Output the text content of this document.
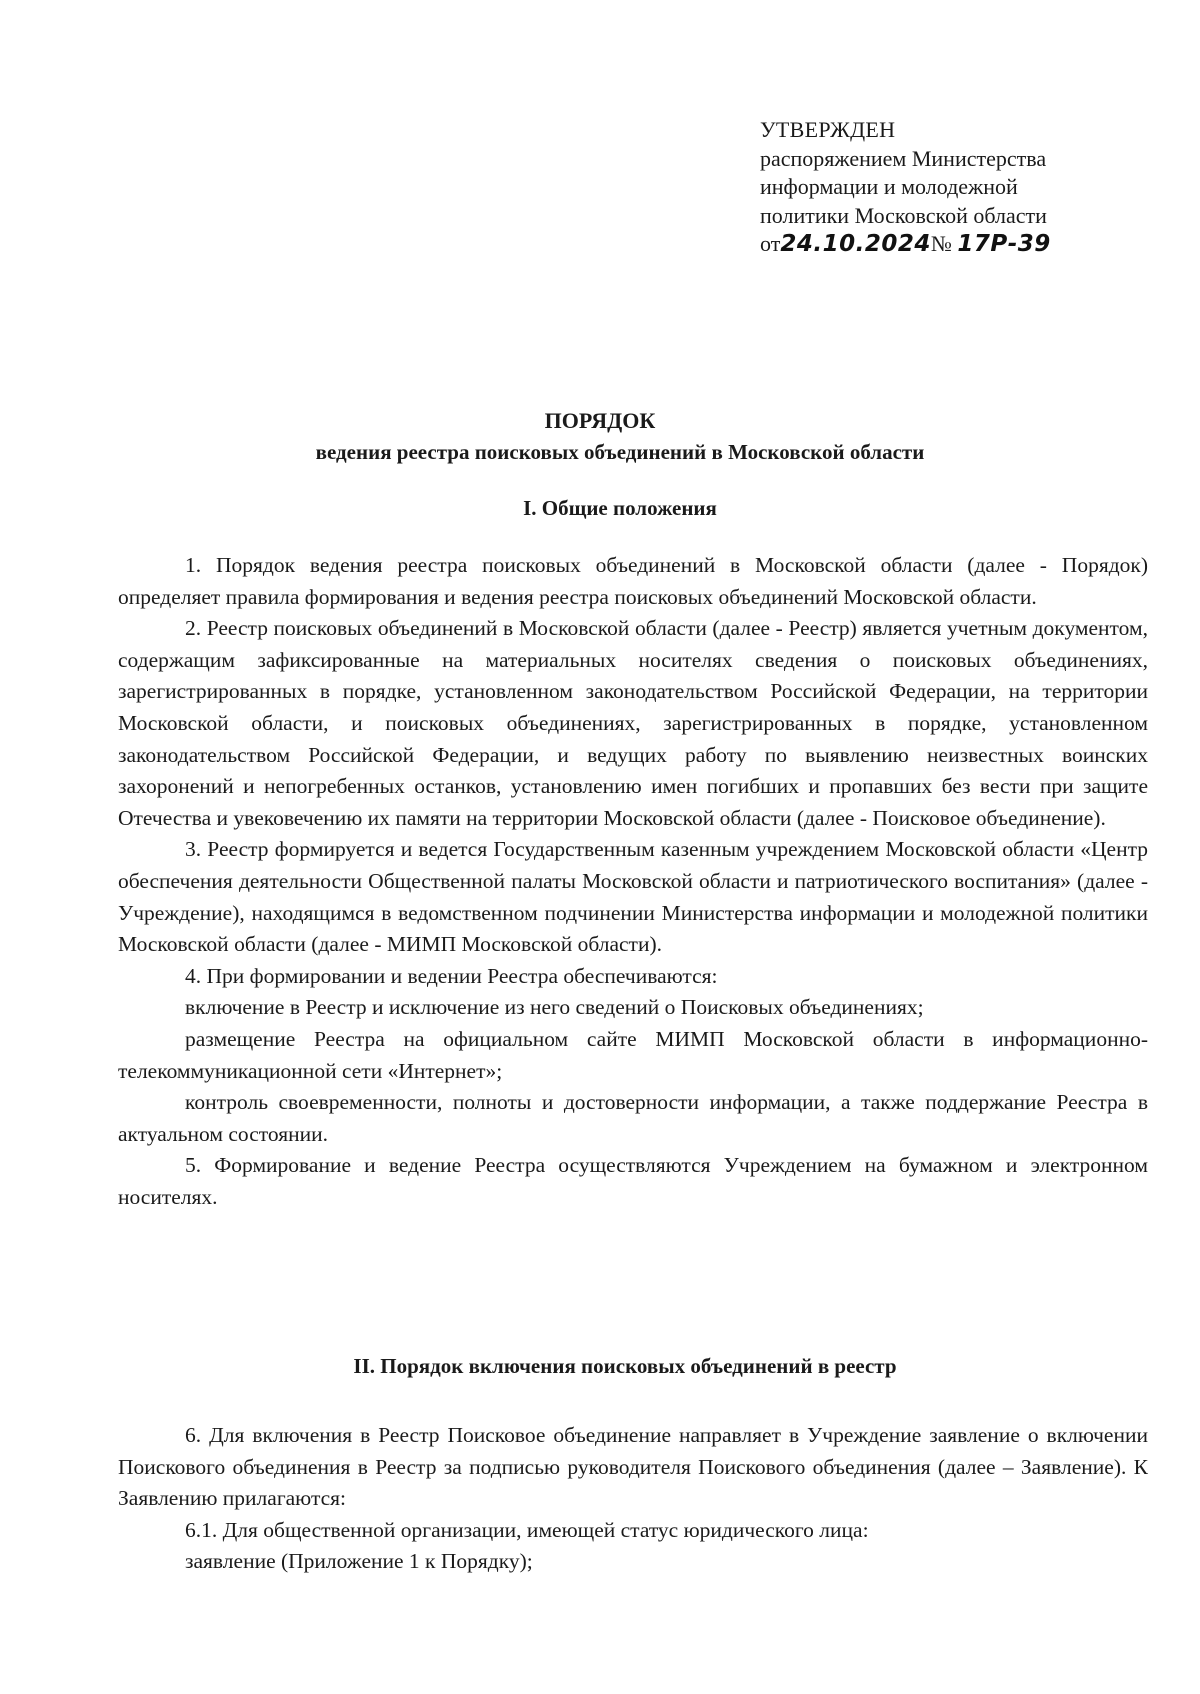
УТВЕРЖДЕН
распоряжением Министерства
информации и молодежной
политики Московской области
от24.10.2024№ 17Р-39
ПОРЯДОК
ведения реестра поисковых объединений в Московской области
I. Общие положения

1. Порядок ведения реестра поисковых объединений в Московской области (далее - Порядок) определяет правила формирования и ведения реестра поисковых объединений Московской области.

2. Реестр поисковых объединений в Московской области (далее - Реестр) является учетным документом, содержащим зафиксированные на материальных носителях сведения о поисковых объединениях, зарегистрированных в порядке, установленном законодательством Российской Федерации, на территории Московской области, и поисковых объединениях, зарегистрированных в порядке, установленном законодательством Российской Федерации, и ведущих работу по выявлению неизвестных воинских захоронений и непогребенных останков, установлению имен погибших и пропавших без вести при защите Отечества и увековечению их памяти на территории Московской области (далее - Поисковое объединение).

3. Реестр формируется и ведется Государственным казенным учреждением Московской области «Центр обеспечения деятельности Общественной палаты Московской области и патриотического воспитания» (далее - Учреждение), находящимся в ведомственном подчинении Министерства информации и молодежной политики Московской области (далее - МИМП Московской области).

4. При формировании и ведении Реестра обеспечиваются:

включение в Реестр и исключение из него сведений о Поисковых объединениях;

размещение Реестра на официальном сайте МИМП Московской области в информационно-телекоммуникационной сети «Интернет»;

контроль своевременности, полноты и достоверности информации, а также поддержание Реестра в актуальном состоянии.

5. Формирование и ведение Реестра осуществляются Учреждением на бумажном и электронном носителях.

II. Порядок включения поисковых объединений в реестр

6. Для включения в Реестр Поисковое объединение направляет в Учреждение заявление о включении Поискового объединения в Реестр за подписью руководителя Поискового объединения (далее – Заявление). К Заявлению прилагаются:

6.1. Для общественной организации, имеющей статус юридического лица:

заявление (Приложение 1 к Порядку);
